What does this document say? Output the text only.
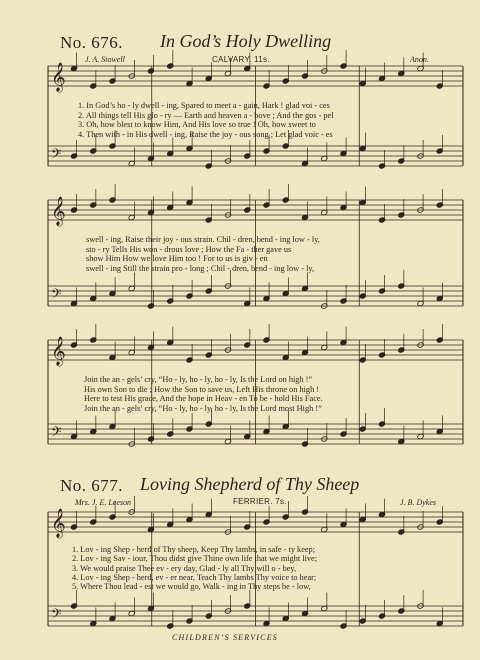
𝄞
𝄢
𝄞
𝄢
𝄞
𝄢
𝄞
𝄢
No. 676. In God’s Holy Dwelling
J. A. Stowell	CALVARY. 11s.	Anon.
1. In God’s ho - ly dwell - ing, Spared to meet a - gain, Hark ! glad voi - ces
2. All things tell His glo - ry — Earth and heaven a - bove ; And the gos - pel
3. Oh, how blest to know Him, And His love so true ! Oh, how sweet to
4. Then with - in His dwell - ing, Raise the joy - ous song ; Let glad voic - es
swell - ing, Raise their joy - ous strain. Chil - dren, bend - ing low - ly,
sto - ry Tells His won - drous love ; How the Fa - ther gave us
show Him How we love Him too ! For to us is giv - en
swell - ing Still the strain pro - long ; Chil - dren, bend - ing low - ly,
Join the an - gels’ cry, “Ho - ly, ho - ly, ho - ly, Is the Lord on high !”
His own Son to die ; How the Son to save us, Left His throne on high !
Here to test His grace, And the hope in Heav - en To be - hold His Face.
Join the an - gels’ cry, “Ho - ly, ho - ly, ho - ly, Is the Lord most High !”
No. 677. Loving Shepherd of Thy Sheep
Mrs. J. E. Leeson	FERRIER. 7s.	J. B. Dykes
1. Lov - ing Shep - herd of Thy sheep, Keep Thy lambs, in safe - ty keep;
2. Lov - ing Sav - iour, Thou didst give Thine own life that we might live;
3. We would praise Thee ev - ery day, Glad - ly all Thy will o - bey,
4. Lov - ing Shep - herd, ev - er near, Teach Thy lambs Thy voice to hear;
5. Where Thou lead - est we would go, Walk - ing in Thy steps be - low,
CHILDREN’S SERVICES
